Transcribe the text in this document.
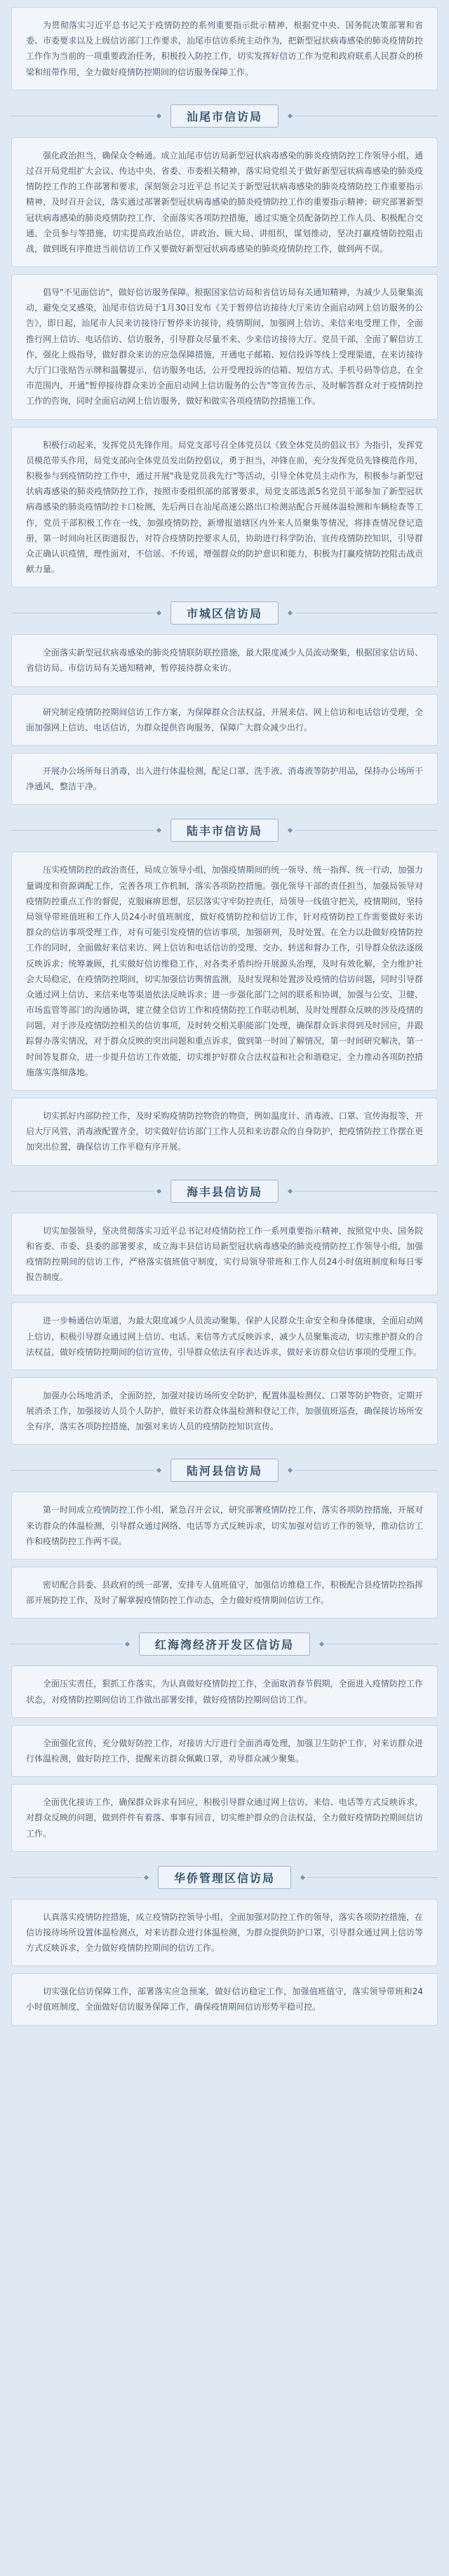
为贯彻落实习近平总书记关于疫情防控的系列重要指示批示精神，根据党中央、国务院决策部署和省委、市委要求以及上级信访部门工作要求，汕尾市信访系统主动作为，把新型冠状病毒感染的肺炎疫情防控工作作为当前的一项重要政治任务，积极投入防控工作，切实发挥好信访工作为党和政府联系人民群众的桥梁和纽带作用，全力做好疫情防控期间的信访服务保障工作。

汕尾市信访局

强化政治担当，确保众令畅通。成立汕尾市信访局新型冠状病毒感染的肺炎疫情防控工作领导小组，通过召开局党组扩大会议、传达中央、省委、市委相关精神，落实局党组关于做好新型冠状病毒感染的肺炎疫情防控工作的工作部署和要求，深刻领会习近平总书记关于新型冠状病毒感染的肺炎疫情防控工作重要指示精神，及时召开会议，落实通过部署新型冠状病毒感染的肺炎疫情防控工作的重要指示精神；研究部署新型冠状病毒感染的肺炎疫情防控工作，全面落实各项防控措施，通过实施全员配备防控工作人员、积极配合交通、全员参与等措施，切实提高政治站位，讲政治、顾大局、讲组织，谋划推动，坚决打赢疫情防控阻击战，做到既有序推进当前信访工作又要做好新型冠状病毒感染的肺炎疫情防控工作，做到两不误。

倡导"不见面信访"，做好信访服务保障。根据国家信访局和省信访局有关通知精神，为减少人员聚集流动，避免交叉感染，汕尾市信访局于1月30日发布《关于暂停信访接待大厅来访全面启动网上信访服务的公告》，即日起，汕尾市人民来访接待厅暂停来访接待，疫情期间，加强网上信访、来信来电受理工作，全面推行网上信访、电话信访、信访服务，引导群众尽量不来、少来信访接待大厅、党员干部，全面了解信访工作，强化上级指导，做好群众来访的应急保障措施，开通电子邮箱、短信投诉等线上受理渠道，在来访接待大厅门口张贴告示牌和温馨提示，信访服务电话，公开受理投诉的信箱、短信方式、手机号码等信息，在全市范围内，开通"暂停接待群众来访全面启动网上信访服务的公告"等宣传告示，及时解答群众对于疫情防控工作的咨询，同时全面启动网上信访服务，做好和做实各项疫情防控措施工作。

积极行动起来，发挥党员先锋作用。局党支部号召全体党员以《致全体党员的倡议书》为指引，发挥党员模范带头作用，局党支部向全体党员发出防控倡议，勇于担当，冲锋在前，充分发挥党员先锋模范作用，积极参与到疫情防控工作中，通过开展"我是党员我先行"等活动，引导全体党员主动作为，积极参与新型冠状病毒感染的肺炎疫情防控工作，按照市委组织部的部署要求，局党支部选派5名党员干部参加了新型冠状病毒感染的肺炎疫情防控卡口检测，先后两日在汕尾高速公路出口检测站配合开展体温检测和车辆检查等工作，党员干部积极工作在一线，加强疫情防控，新增报道辖区内外来人员聚集等情况，将排查情况登记造册，第一时间向社区街道报告，对符合疫情防控要求人员，协助进行科学防治，宣传疫情防控知识，引导群众正确认识疫情，理性面对，不信谣、不传谣，增强群众的防护意识和能力，积极为打赢疫情防控阻击战贡献力量。

市城区信访局

全面落实新型冠状病毒感染的肺炎疫情联防联控措施，最大限度减少人员流动聚集，根据国家信访局、省信访局、市信访局有关通知精神，暂停接待群众来访。

研究制定疫情防控期间信访工作方案，为保障群众合法权益，开展来信、网上信访和电话信访受理，全面加强网上信访、电话信访，为群众提供咨询服务，保障广大群众减少出行。

开展办公场所每日消毒，出入进行体温检测，配足口罩、洗手液、消毒液等防护用品，保持办公场所干净通风，整洁干净。

陆丰市信访局

压实疫情防控的政治责任，局成立领导小组，加强疫情期间的统一领导、统一指挥、统一行动，加强力量调度和资源调配工作，完善各项工作机制，落实各项防控措施。强化领导干部的责任担当，加强局领导对疫情防控重点工作的督促，克服麻痹思想，层层落实守牢防控责任，局领导一线值守把关，疫情期间，坚持局领导带班值班和工作人员24小时值班制度，做好疫情防控和信访工作，针对疫情防控工作需要做好来访群众的信访事项受理工作，对有可能引发疫情的信访事项，加强研判，及时处置。在全力以赴做好疫情防控工作的同时，全面做好来信来访、网上信访和电话信访的受理、交办、转送和督办工作，引导群众依法逐级反映诉求；统筹兼顾，扎实做好信访维稳工作，对各类矛盾纠纷开展源头治理，及时有效化解，全力维护社会大局稳定，在疫情防控期间，切实加强信访舆情监测，及时发现和处置涉及疫情的信访问题，同时引导群众通过网上信访、来信来电等渠道依法反映诉求；进一步强化部门之间的联系和协调，加强与公安、卫健、市场监管等部门的沟通协调，建立健全信访工作和疫情防控工作联动机制，及时处理群众反映的涉及疫情的问题，对于涉及疫情防控相关的信访事项，及时转交相关职能部门处理，确保群众诉求得到及时回应，并跟踪督办落实情况，对于群众反映的突出问题和重点诉求，做到第一时间了解情况，第一时间研究解决，第一时间答复群众，进一步提升信访工作效能，切实维护好群众合法权益和社会和谐稳定，全力推动各项防控措施落实落细落地。

切实抓好内部防控工作，及时采购疫情防控物资的物资，例如温度计、消毒液、口罩、宣传海报等，开启大厅风管，消毒液配置齐全，切实做好信访部门工作人员和来访群众的自身防护，把疫情防控工作摆在更加突出位置，确保信访工作平稳有序开展。

海丰县信访局

切实加强领导，坚决贯彻落实习近平总书记对疫情防控工作一系列重要指示精神，按照党中央、国务院和省委、市委、县委的部署要求，成立海丰县信访局新型冠状病毒感染的肺炎疫情防控工作领导小组，加强疫情防控期间的信访工作，严格落实值班值守制度，实行局领导带班和工作人员24小时值班制度和每日零报告制度。

进一步畅通信访渠道，为最大限度减少人员流动聚集，保护人民群众生命安全和身体健康，全面启动网上信访，积极引导群众通过网上信访、电话、来信等方式反映诉求，减少人员聚集流动，切实维护群众的合法权益，做好疫情防控期间的信访宣传，引导群众依法有序表达诉求，做好来访群众信访事项的受理工作。

加强办公场地消杀，全面防控，加强对接访场所安全防护，配置体温检测仪、口罩等防护物资，定期开展消杀工作，加强接访人员个人防护，做好来访群众体温检测和登记工作，加强值班巡查，确保接访场所安全有序，落实各项防控措施，加强对来访人员的疫情防控知识宣传。

陆河县信访局

第一时间成立疫情防控工作小组，紧急召开会议，研究部署疫情防控工作，落实各项防控措施，开展对来访群众的体温检测，引导群众通过网络、电话等方式反映诉求，切实加强对信访工作的领导，推动信访工作和疫情防控工作两不误。

密切配合县委、县政府的统一部署，安排专人值班值守，加强信访维稳工作，积极配合县疫情防控指挥部开展防控工作，及时了解掌握疫情防控工作动态，全力做好疫情期间信访工作。

红海湾经济开发区信访局

全面压实责任，狠抓工作落实，为认真做好疫情防控工作，全面取消春节假期，全面进入疫情防控工作状态，对疫情防控期间信访工作做出部署安排，做好疫情防控期间信访工作。

全面强化宣传，充分做好防控工作，对接访大厅进行全面消毒处理，加强卫生防护工作，对来访群众进行体温检测，做好防控工作，提醒来访群众佩戴口罩，劝导群众减少聚集。

全面优化接访工作，确保群众诉求有回应，积极引导群众通过网上信访、来信、电话等方式反映诉求，对群众反映的问题，做到件件有着落、事事有回音，切实维护群众的合法权益，全力做好疫情防控期间信访工作。

华侨管理区信访局

认真落实疫情防控措施，成立疫情防控领导小组，全面加强对防控工作的领导，落实各项防控措施，在信访接待场所设置体温检测点，对来访群众进行体温检测，为群众提供防护口罩，引导群众通过网上信访等方式反映诉求，全力做好疫情防控期间的信访工作。

切实强化信访保障工作，部署落实应急预案，做好信访稳定工作，加强值班值守，落实领导带班和24小时值班制度，全面做好信访服务保障工作，确保疫情期间信访形势平稳可控。
